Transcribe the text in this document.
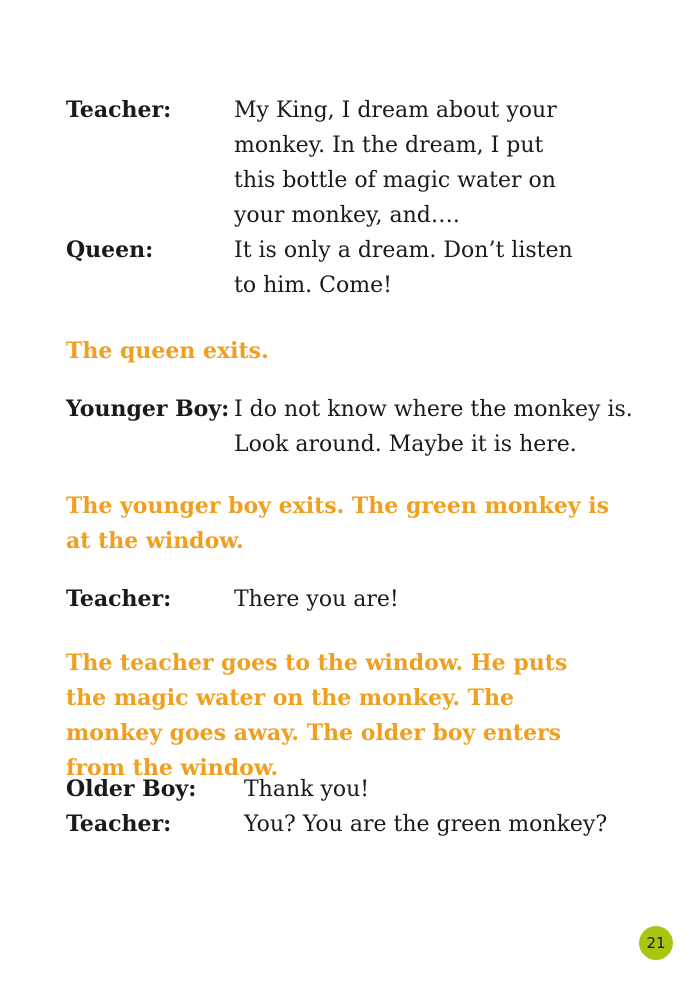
Teacher:	My King, I dream about your monkey. In the dream, I put this bottle of magic water on your monkey, and….
Queen:	It is only a dream. Don’t listen to him. Come!
The queen exits.
Younger Boy: I do not know where the monkey is. Look around. Maybe it is here.
The younger boy exits. The green monkey is at the window.
Teacher:	There you are!
The teacher goes to the window. He puts the magic water on the monkey. The monkey goes away. The older boy enters from the window.
Older Boy:	Thank you!
Teacher:	You? You are the green monkey?
21
